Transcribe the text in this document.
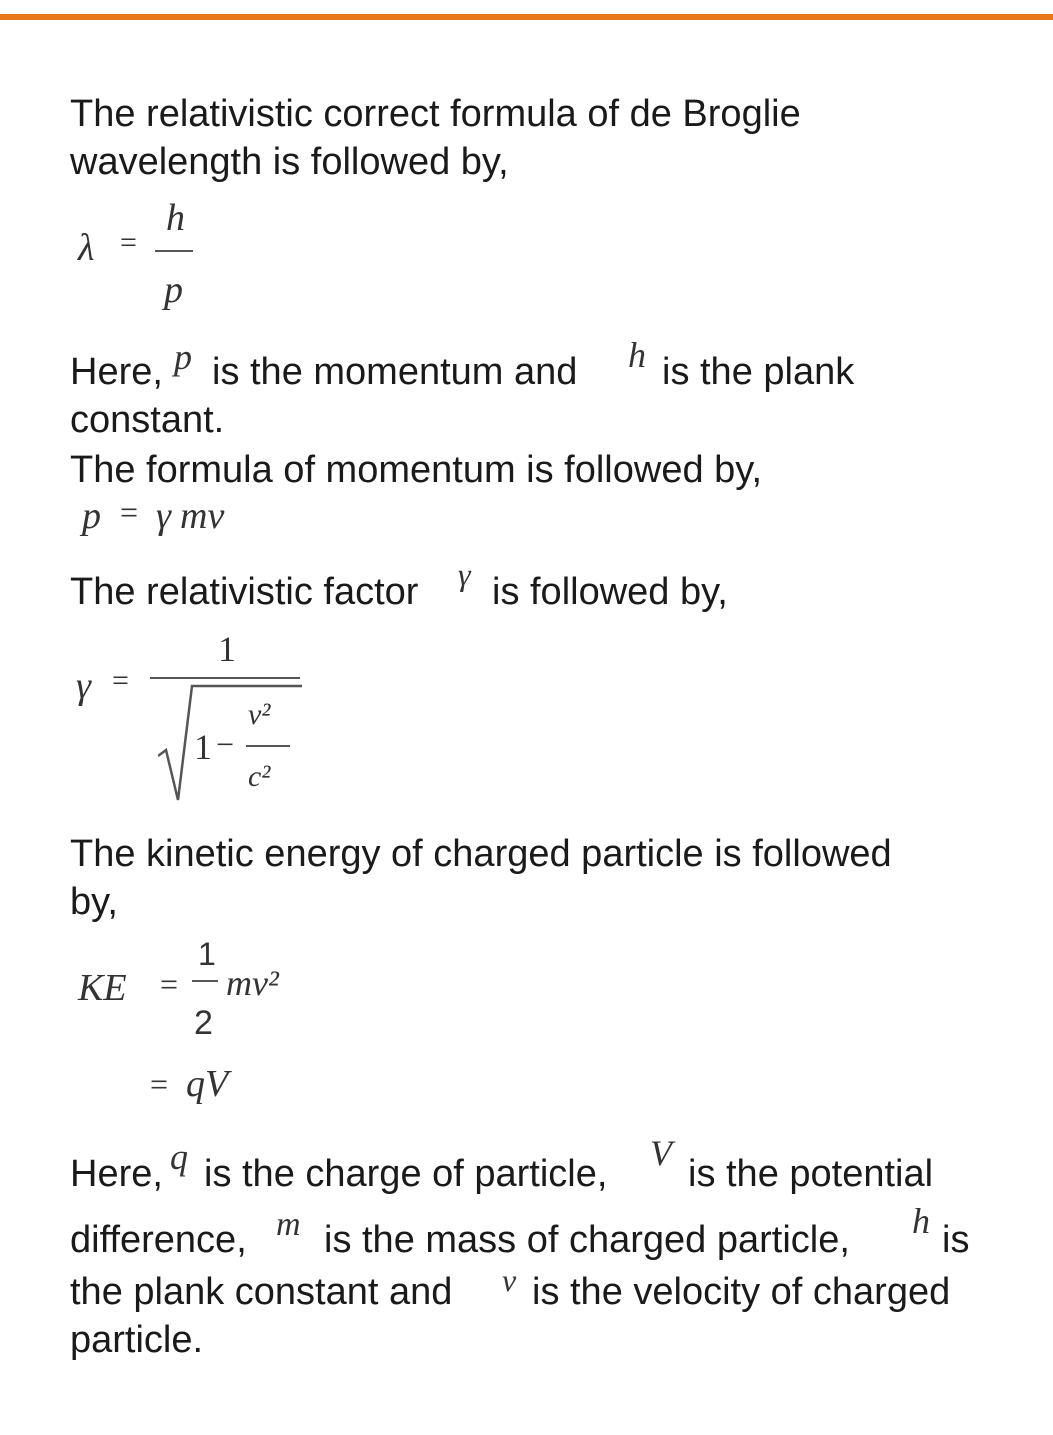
The relativistic correct formula of de Broglie

wavelength is followed by,

λ =
h
p

Here, p is the momentum and h is the plank

constant.

The formula of momentum is followed by,

p = γ mv

The relativistic factor γ is followed by,

γ =
1
1 −
v²
c²

The kinetic energy of charged particle is followed

by,

KE =
1
2
mv²
= qV

Here, q is the charge of particle, V is the potential

difference, m is the mass of charged particle, h is

the plank constant and v is the velocity of charged

particle.
